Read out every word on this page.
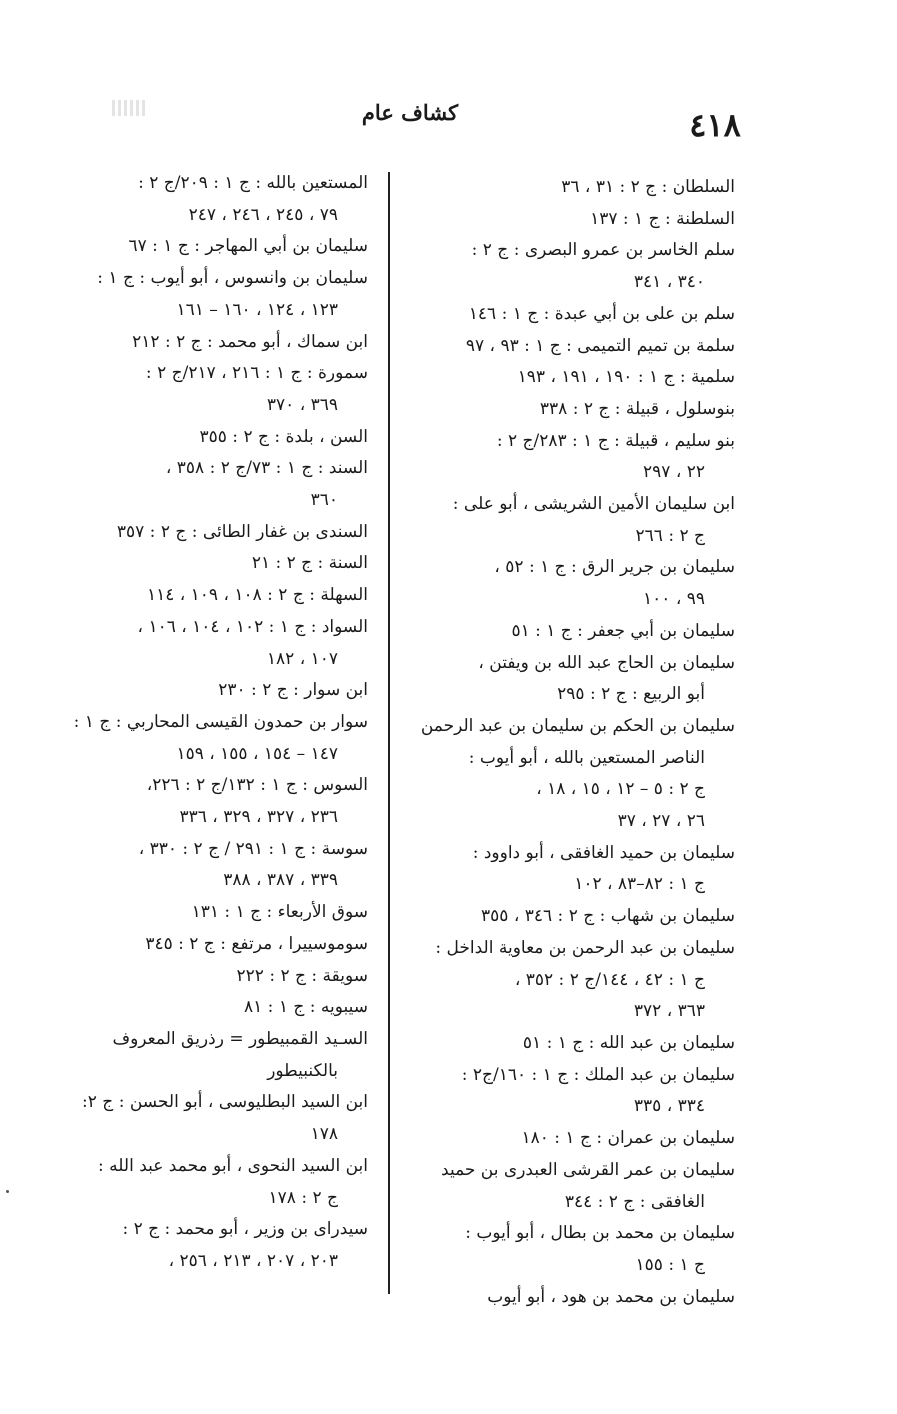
٤١٨
كشاف عام
السلطان : ج ٢ : ٣١ ، ٣٦
السلطنة : ج ١ : ١٣٧
سلم الخاسر بن عمرو البصرى : ج ٢ :
٣٤٠ ، ٣٤١
سلم بن على بن أبي عبدة : ج ١ : ١٤٦
سلمة بن تميم التميمى : ج ١ : ٩٣ ، ٩٧
سلمية : ج ١ : ١٩٠ ، ١٩١ ، ١٩٣
بنوسلول ، قبيلة : ج ٢ : ٣٣٨
بنو سليم ، قبيلة : ج ١ : ٢٨٣/ج ٢ :
٢٢ ، ٢٩٧
ابن سليمان الأمين الشريشى ، أبو على :
ج ٢ : ٢٦٦
سليمان بن جرير الرق : ج ١ : ٥٢ ،
٩٩ ، ١٠٠
سليمان بن أبي جعفر : ج ١ : ٥١
سليمان بن الحاج عبد الله بن ويفتن ،
أبو الربيع : ج ٢ : ٢٩٥
سليمان بن الحكم بن سليمان بن عبد الرحمن
الناصر المستعين بالله ، أبو أيوب :
ج ٢ : ٥ – ١٢ ، ١٥ ، ١٨ ،
٢٦ ، ٢٧ ، ٣٧
سليمان بن حميد الغافقى ، أبو داوود :
ج ١ : ٨٢–٨٣ ، ١٠٢
سليمان بن شهاب : ج ٢ : ٣٤٦ ، ٣٥٥
سليمان بن عبد الرحمن بن معاوية الداخل :
ج ١ : ٤٢ ، ١٤٤/ج ٢ : ٣٥٢ ،
٣٦٣ ، ٣٧٢
سليمان بن عبد الله : ج ١ : ٥١
سليمان بن عبد الملك : ج ١ : ١٦٠/ج٢ :
٣٣٤ ، ٣٣٥
سليمان بن عمران : ج ١ : ١٨٠
سليمان بن عمر القرشى العبدرى بن حميد
الغافقى : ج ٢ : ٣٤٤
سليمان بن محمد بن بطال ، أبو أيوب :
ج ١ : ١٥٥
سليمان بن محمد بن هود ، أبو أيوب
المستعين بالله : ج ١ : ٢٠٩/ج ٢ :
٧٩ ، ٢٤٥ ، ٢٤٦ ، ٢٤٧
سليمان بن أبي المهاجر : ج ١ : ٦٧
سليمان بن وانسوس ، أبو أيوب : ج ١ :
١٢٣ ، ١٢٤ ، ١٦٠ – ١٦١
ابن سماك ، أبو محمد : ج ٢ : ٢١٢
سمورة : ج ١ : ٢١٦ ، ٢١٧/ج ٢ :
٣٦٩ ، ٣٧٠
السن ، بلدة : ج ٢ : ٣٥٥
السند : ج ١ : ٧٣/ج ٢ : ٣٥٨ ،
٣٦٠
السندى بن غفار الطائى : ج ٢ : ٣٥٧
السنة : ج ٢ : ٢١
السهلة : ج ٢ : ١٠٨ ، ١٠٩ ، ١١٤
السواد : ج ١ : ١٠٢ ، ١٠٤ ، ١٠٦ ،
١٠٧ ، ١٨٢
ابن سوار : ج ٢ : ٢٣٠
سوار بن حمدون القيسى المحاربي : ج ١ :
١٤٧ – ١٥٤ ، ١٥٥ ، ١٥٩
السوس : ج ١ : ١٣٢/ج ٢ : ٢٢٦،
٢٣٦ ، ٣٢٧ ، ٣٢٩ ، ٣٣٦
سوسة : ج ١ : ٢٩١ / ج ٢ : ٣٣٠ ،
٣٣٩ ، ٣٨٧ ، ٣٨٨
سوق الأربعاء : ج ١ : ١٣١
سوموسييرا ، مرتفع : ج ٢ : ٣٤٥
سويقة : ج ٢ : ٢٢٢
سيبويه : ج ١ : ٨١
السـيد القمبيطور = رذريق المعروف
بالكنبيطور
ابن السيد البطليوسى ، أبو الحسن : ج ٢:
١٧٨
ابن السيد النحوى ، أبو محمد عبد الله :
ج ٢ : ١٧٨
سيدراى بن وزير ، أبو محمد : ج ٢ :
٢٠٣ ، ٢٠٧ ، ٢١٣ ، ٢٥٦ ،
